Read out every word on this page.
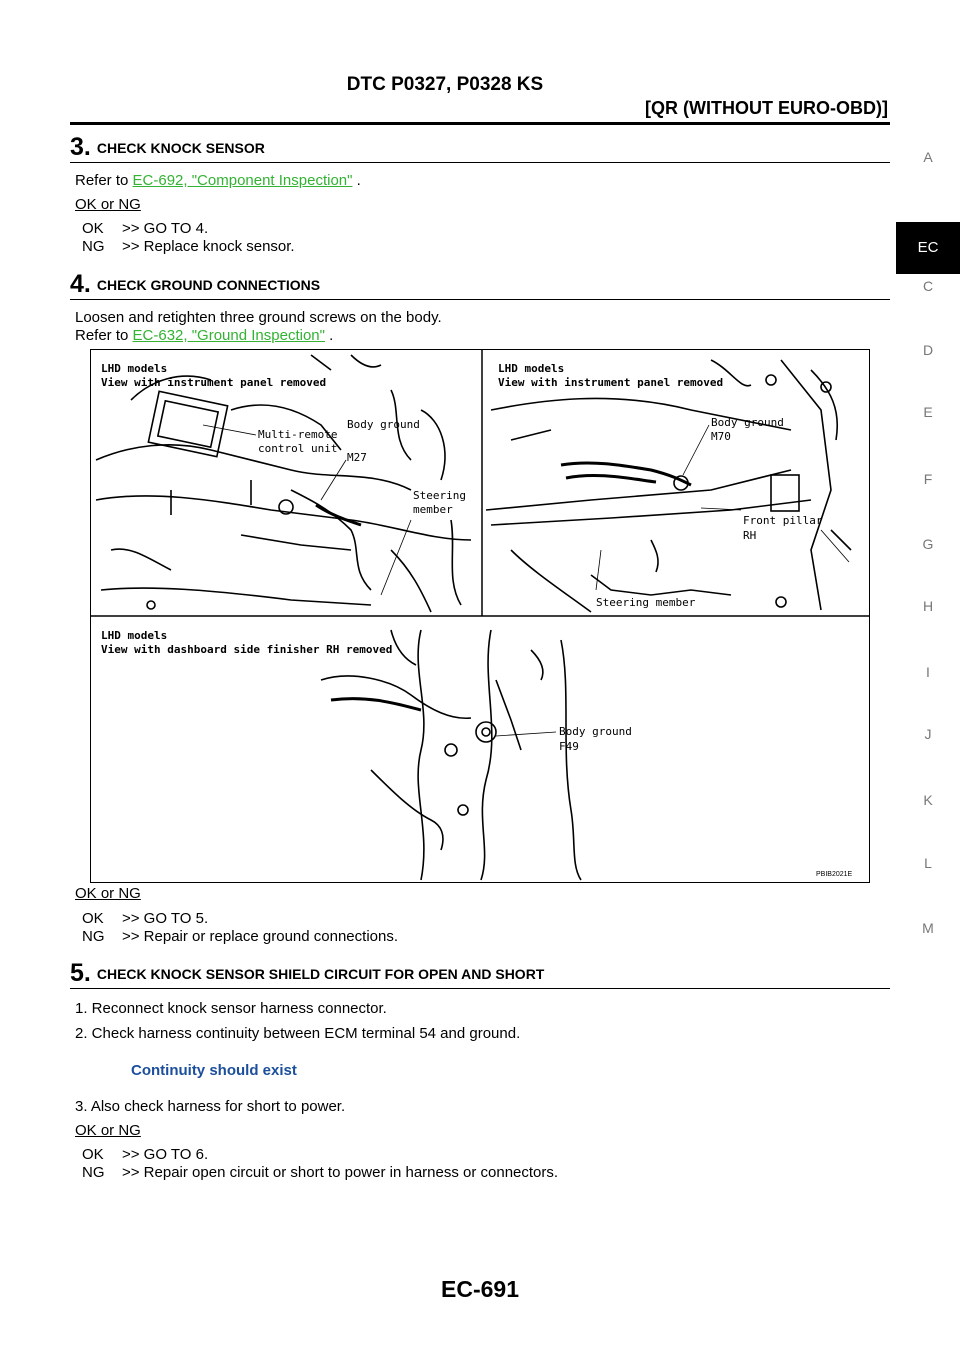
DTC P0327, P0328 KS
[QR (WITHOUT EURO-OBD)]
A
EC
C
D
E
F
G
H
I
J
K
L
M
3. CHECK KNOCK SENSOR
Refer to EC-692, "Component Inspection" .
OK or NG
OK >> GO TO 4.
NG >> Replace knock sensor.
4. CHECK GROUND CONNECTIONS
Loosen and retighten three ground screws on the body.
Refer to EC-632, "Ground Inspection" .
LHD models
View with instrument panel removed
Multi-remote
control unit
Body ground
M27
Steering
member
LHD models
View with instrument panel removed
Body ground
M70
Front pillar
RH
Steering member
LHD models
View with dashboard side finisher RH removed
Body ground
F49
PBIB2021E
OK or NG
OK >> GO TO 5.
NG >> Repair or replace ground connections.
5. CHECK KNOCK SENSOR SHIELD CIRCUIT FOR OPEN AND SHORT
1. Reconnect knock sensor harness connector.
2. Check harness continuity between ECM terminal 54 and ground.
Continuity should exist
3. Also check harness for short to power.
OK or NG
OK >> GO TO 6.
NG >> Repair open circuit or short to power in harness or connectors.
EC-691
